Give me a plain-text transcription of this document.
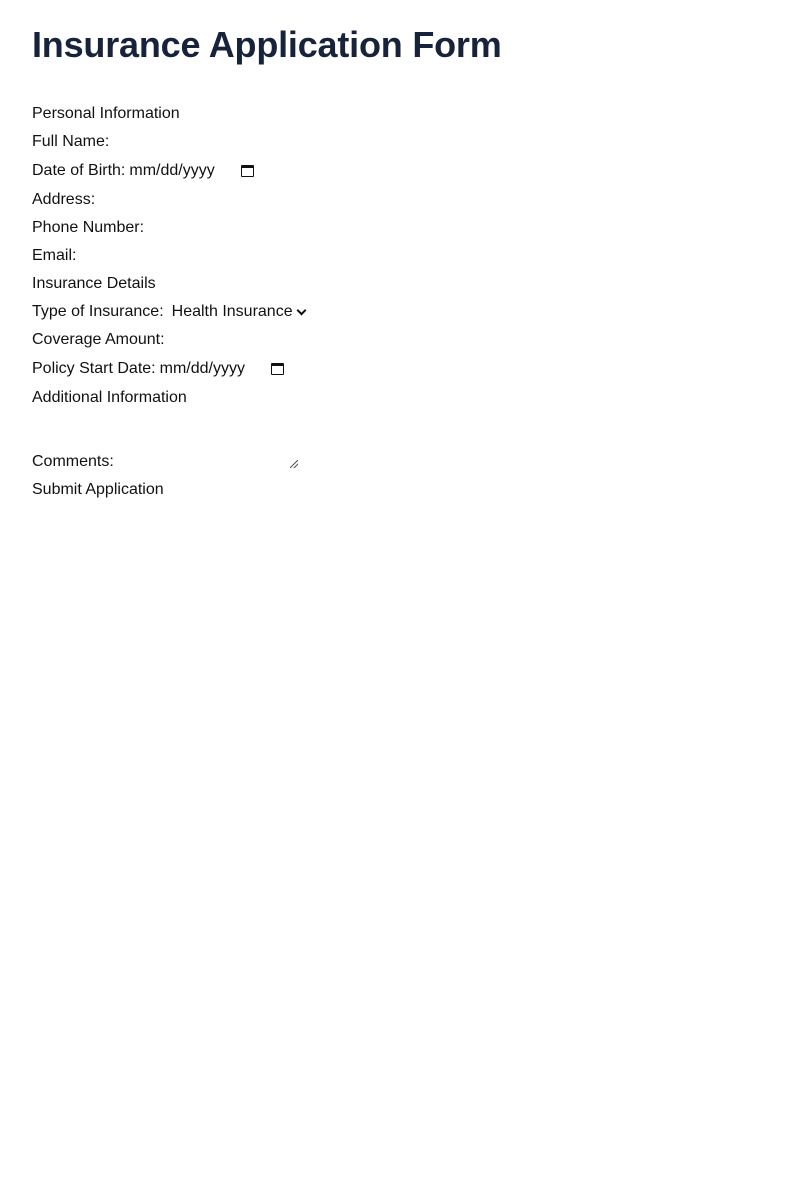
Insurance Application Form
Personal Information
Full Name:
Date of Birth: mm/dd/yyyy
Address:
Phone Number:
Email:
Insurance Details
Type of Insurance: Health Insurance
Coverage Amount:
Policy Start Date: mm/dd/yyyy
Additional Information
Comments:
Submit Application
